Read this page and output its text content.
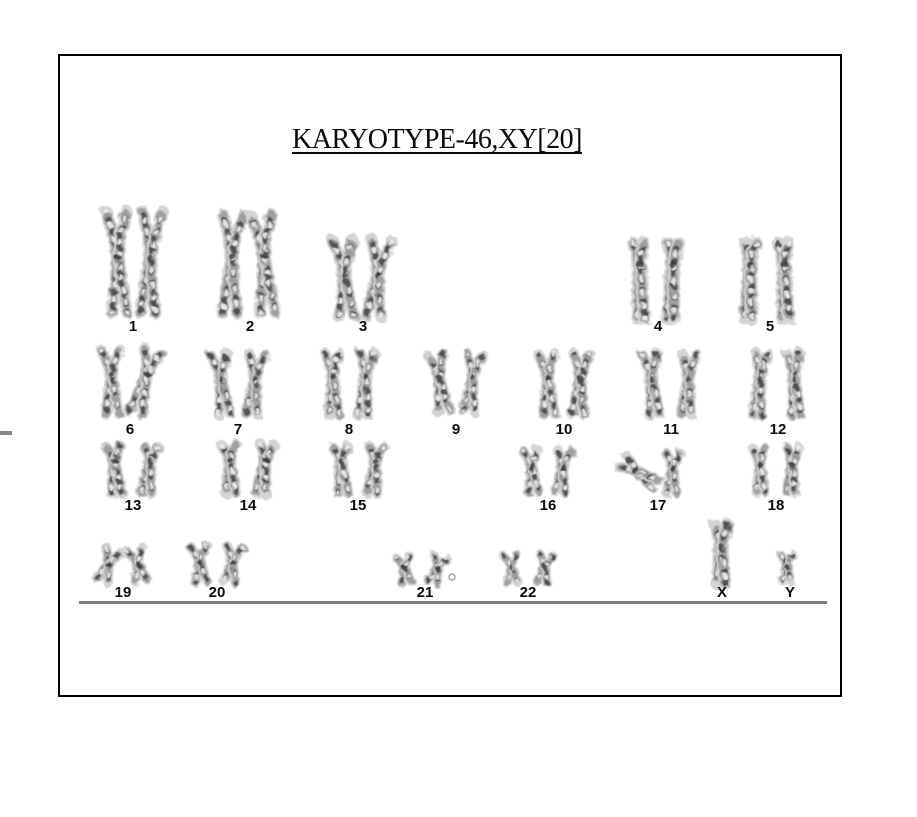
KARYOTYPE-46,XY[20]
1	2	3	4	5
6	7	8	9	10	11	12
13	14	15	16	17	18
19	20	21	22	X	Y
